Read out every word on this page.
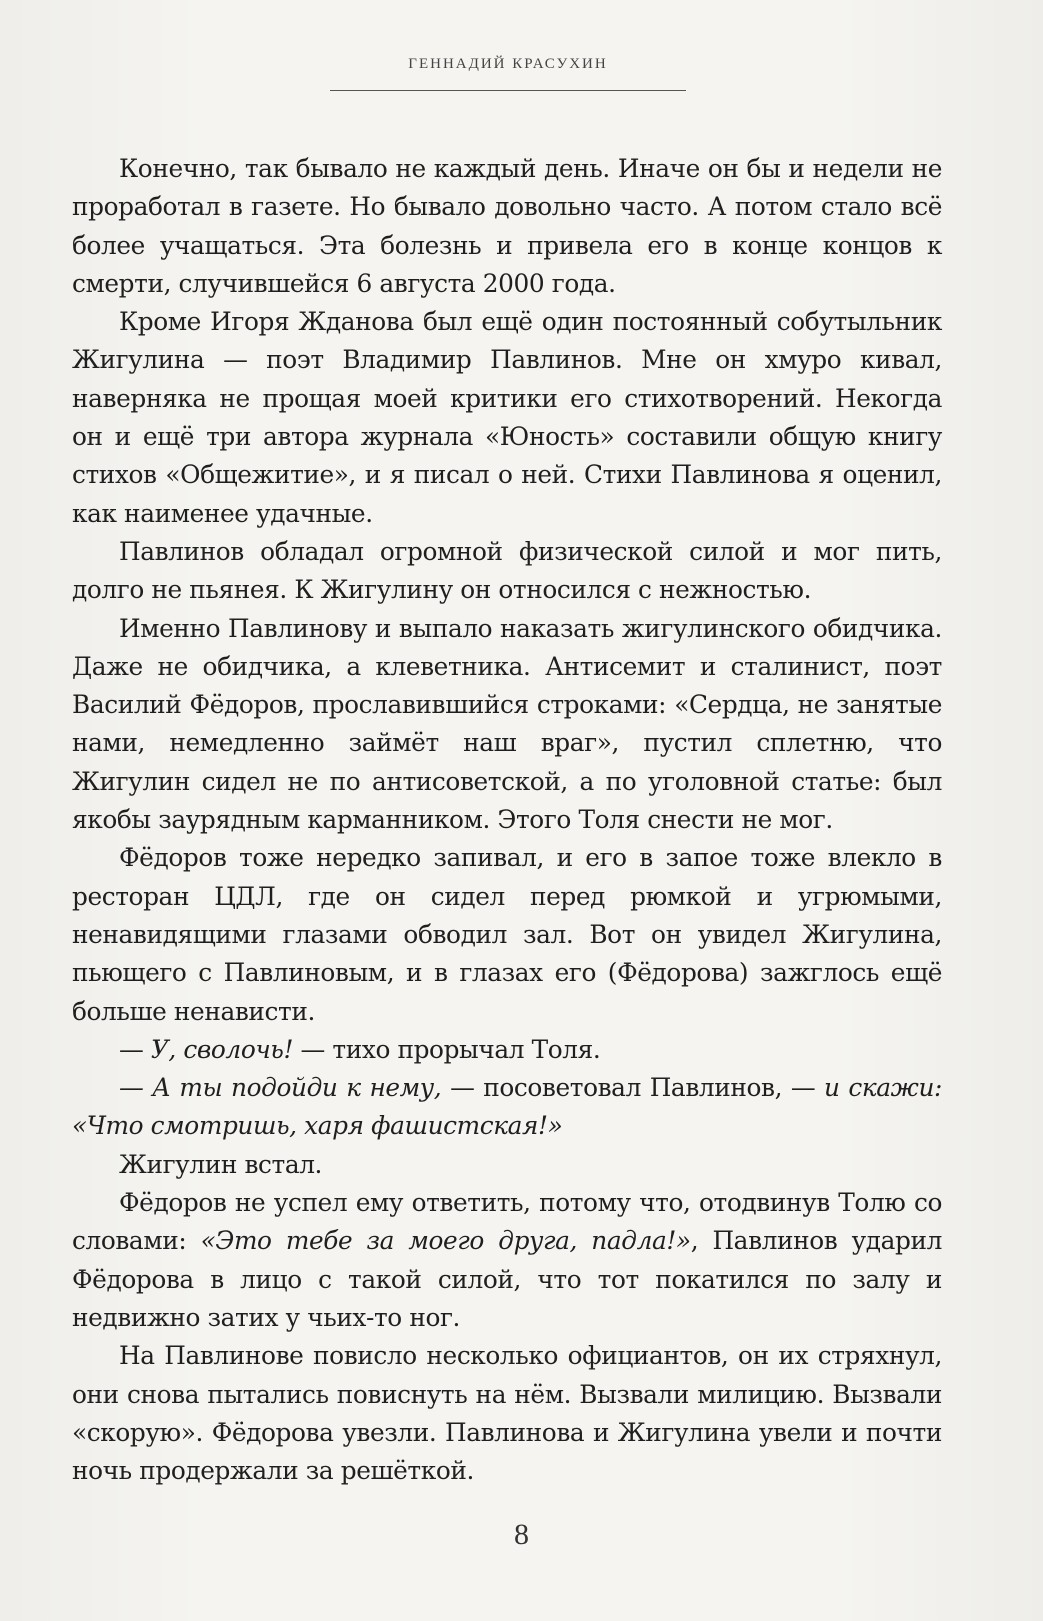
ГЕННАДИЙ КРАСУХИН

Конечно, так бывало не каждый день. Иначе он бы и недели не проработал в газете. Но бывало довольно часто. А потом стало всё более учащаться. Эта болезнь и привела его в конце концов к смерти, случившейся 6 августа 2000 года.

Кроме Игоря Жданова был ещё один постоянный собутыльник Жигулина — поэт Владимир Павлинов. Мне он хмуро кивал, наверняка не прощая моей критики его стихотворений. Некогда он и ещё три автора журнала «Юность» составили общую книгу стихов «Общежитие», и я писал о ней. Стихи Павлинова я оценил, как наименее удачные.

Павлинов обладал огромной физической силой и мог пить, долго не пьянея. К Жигулину он относился с нежностью.

Именно Павлинову и выпало наказать жигулинского обидчика. Даже не обидчика, а клеветника. Антисемит и сталинист, поэт Василий Фёдоров, прославившийся строками: «Сердца, не занятые нами, немедленно займёт наш враг», пустил сплетню, что Жигулин сидел не по антисоветской, а по уголовной статье: был якобы заурядным карманником. Этого Толя снести не мог.

Фёдоров тоже нередко запивал, и его в запое тоже влекло в ресторан ЦДЛ, где он сидел перед рюмкой и угрюмыми, ненавидящими глазами обводил зал. Вот он увидел Жигулина, пьющего с Павлиновым, и в глазах его (Фёдорова) зажглось ещё больше ненависти.

— У, сволочь! — тихо прорычал Толя.

— А ты подойди к нему, — посоветовал Павлинов, — и скажи: «Что смотришь, харя фашистская!»

Жигулин встал.

Фёдоров не успел ему ответить, потому что, отодвинув Толю со словами: «Это тебе за моего друга, падла!», Павлинов ударил Фёдорова в лицо с такой силой, что тот покатился по залу и недвижно затих у чьих-то ног.

На Павлинове повисло несколько официантов, он их стряхнул, они снова пытались повиснуть на нём. Вызвали милицию. Вызвали «скорую». Фёдорова увезли. Павлинова и Жигулина увели и почти ночь продержали за решёткой.

8
